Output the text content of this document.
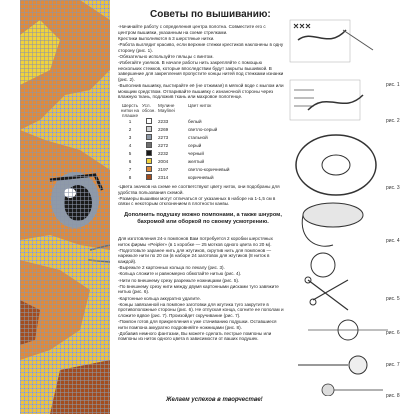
Советы по вышиванию:

-Начинайте работу с определения центра полотна. Совместите его с центром вышивки, указанным на схеме стрелками.

Крестики выполняются в 3 шерстяные нитки.

-Работа выглядит красиво, если верхние стежки крестиков наклонены в одну сторону (рис. 1).

-Обязательно используйте пяльцы с винтом.

-Избегайте узелков. В начале работы нить закрепляйте с помощью нескольких стежков, которые впоследствии будут закрыты вышивкой. В завершение для закрепления пропустите концы нитей под стежками изнанки (рис. 2).

-Выполнив вышивку, выстирайте её (не отжимая) в мягкой воде с мылом или моющим средством. Отпаривайте вышивку с изнаночной стороны через влажную ткань, подложив ткань или махровое полотенце.

Шерсть нитки на плашке
Усл. обозн.
Мулине Мауlinei
Цвет ниток
1	2233	белый
2	2269	светло-серый
3	2273	стальной
4	2272	серый
5	2232	черный
6	2004	желтый
7	2197	светло-коричневый
8	2314	коричневый

-Цвета значков на схеме не соответствуют цвету ниток, они подобраны для удобства пользования схемой.

-Размеры вышивки могут отличаться от указанных в наборе на 1-1,5 см в связи с некоторым отклонением в плотности канвы.

Дополнить подушку можно помпонами, а также шнуром, бахромой или оборкой по своему усмотрению.

Для изготовления 24-х помпонов Вам потребуется 2 коробки шерстяных ниток фирмы «Peipler» (в 1 коробке — 25 мотков одного цвета по 20 м).

-Подготовьте заранее нить для жгутиков, скрутив нить для помпонов — нарежьте нити по 20 см (в наборе 24 заготовок для жгутиков (8 ниток в каждой).

-Вырежьте 2 картонных кольца по лекалу (рис. 3).

-Кольца сложите и равномерно обмотайте нитью (рис. 4).

-Нити по внешнему срезу разрежьте ножницами (рис. 5).

-По внешнему срезу нити между двумя картонными дисками туго завяжите нитью (рис. 6).

-Картонные кольца аккуратно удалите.

-Концы завязанной на помпоне заготовки для жгутика туго закрутите в противоположные стороны (рис. 6). Не отпуская конца, согните ее пополам и сложите вдвое (рис. 7). Произойдет скручивание (рис. 7).

-Помпон готов для прикрепления к уже стачиванию подушки. Оставшиеся нити помпона аккуратно подровняйте ножницами (рис. 8).

-Добавив немного фантазии, Вы можете сделать пестрые помпоны или помпоны из ниток одного цвета в зависимости от ваших подушек.

Желаем успехов в творчестве!
рис. 1
рис. 2
рис. 3
рис. 4
рис. 5
рис. 6
рис. 7
рис. 8
